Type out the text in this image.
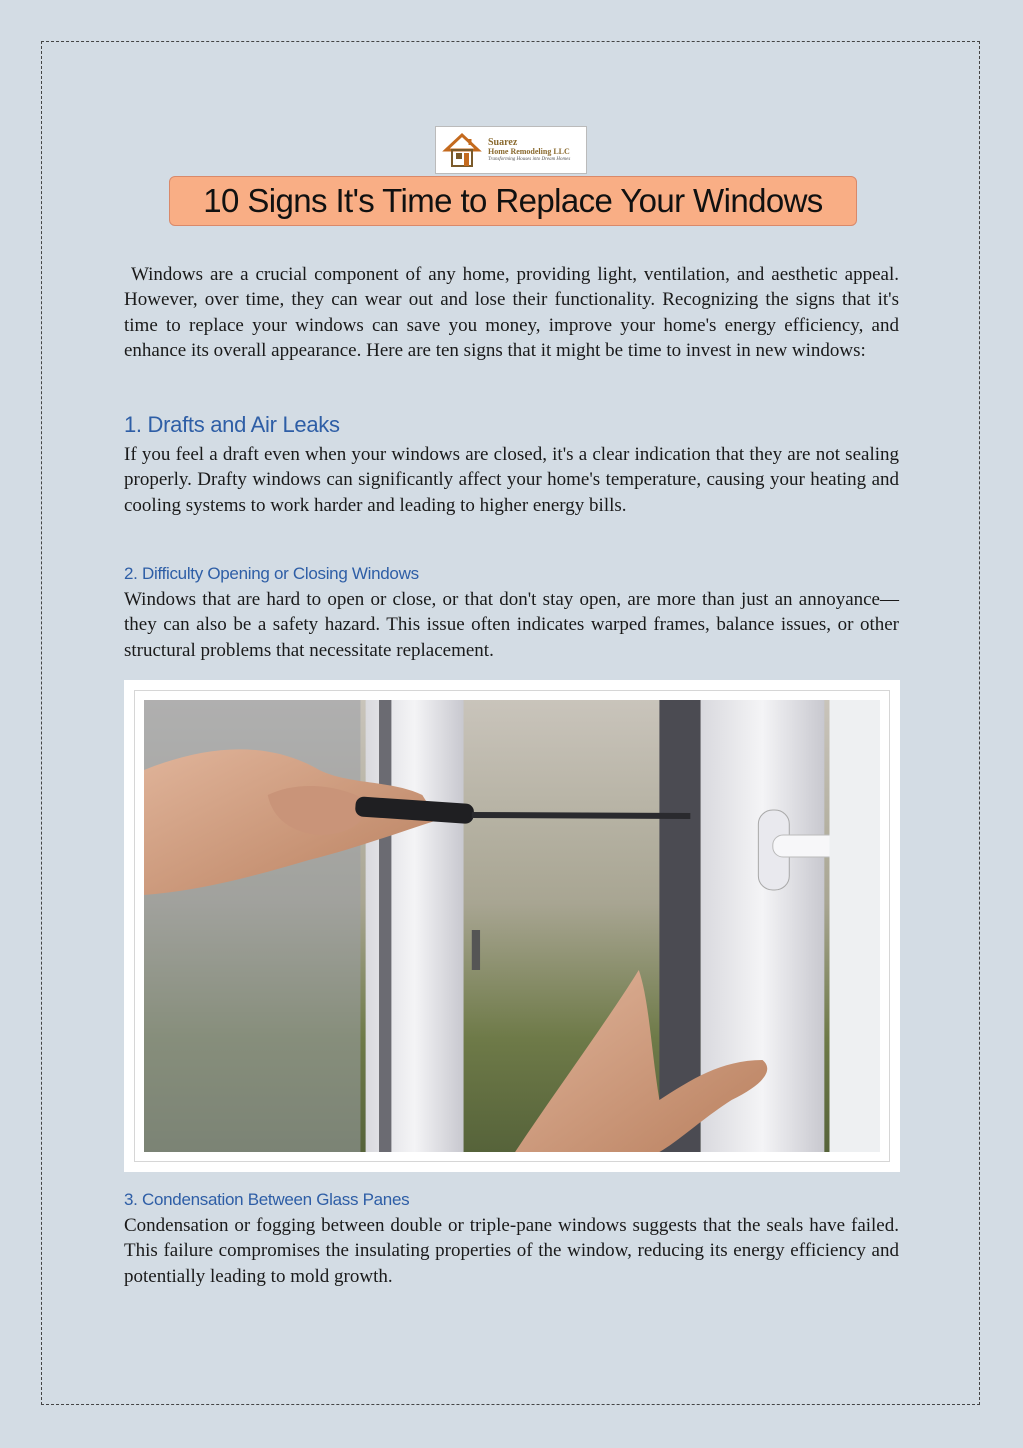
Suarez
Home Remodeling LLC
Transforming Houses into Dream Homes
10 Signs It's Time to Replace Your Windows

Windows are a crucial component of any home, providing light, ventilation, and aesthetic appeal. However, over time, they can wear out and lose their functionality. Recognizing the signs that it's time to replace your windows can save you money, improve your home's energy efficiency, and enhance its overall appearance. Here are ten signs that it might be time to invest in new windows:

1. Drafts and Air Leaks

If you feel a draft even when your windows are closed, it's a clear indication that they are not sealing properly. Drafty windows can significantly affect your home's temperature, causing your heating and cooling systems to work harder and leading to higher energy bills.

2. Difficulty Opening or Closing Windows

Windows that are hard to open or close, or that don't stay open, are more than just an annoyance—they can also be a safety hazard. This issue often indicates warped frames, balance issues, or other structural problems that necessitate replacement.

3. Condensation Between Glass Panes

Condensation or fogging between double or triple-pane windows suggests that the seals have failed. This failure compromises the insulating properties of the window, reducing its energy efficiency and potentially leading to mold growth.
